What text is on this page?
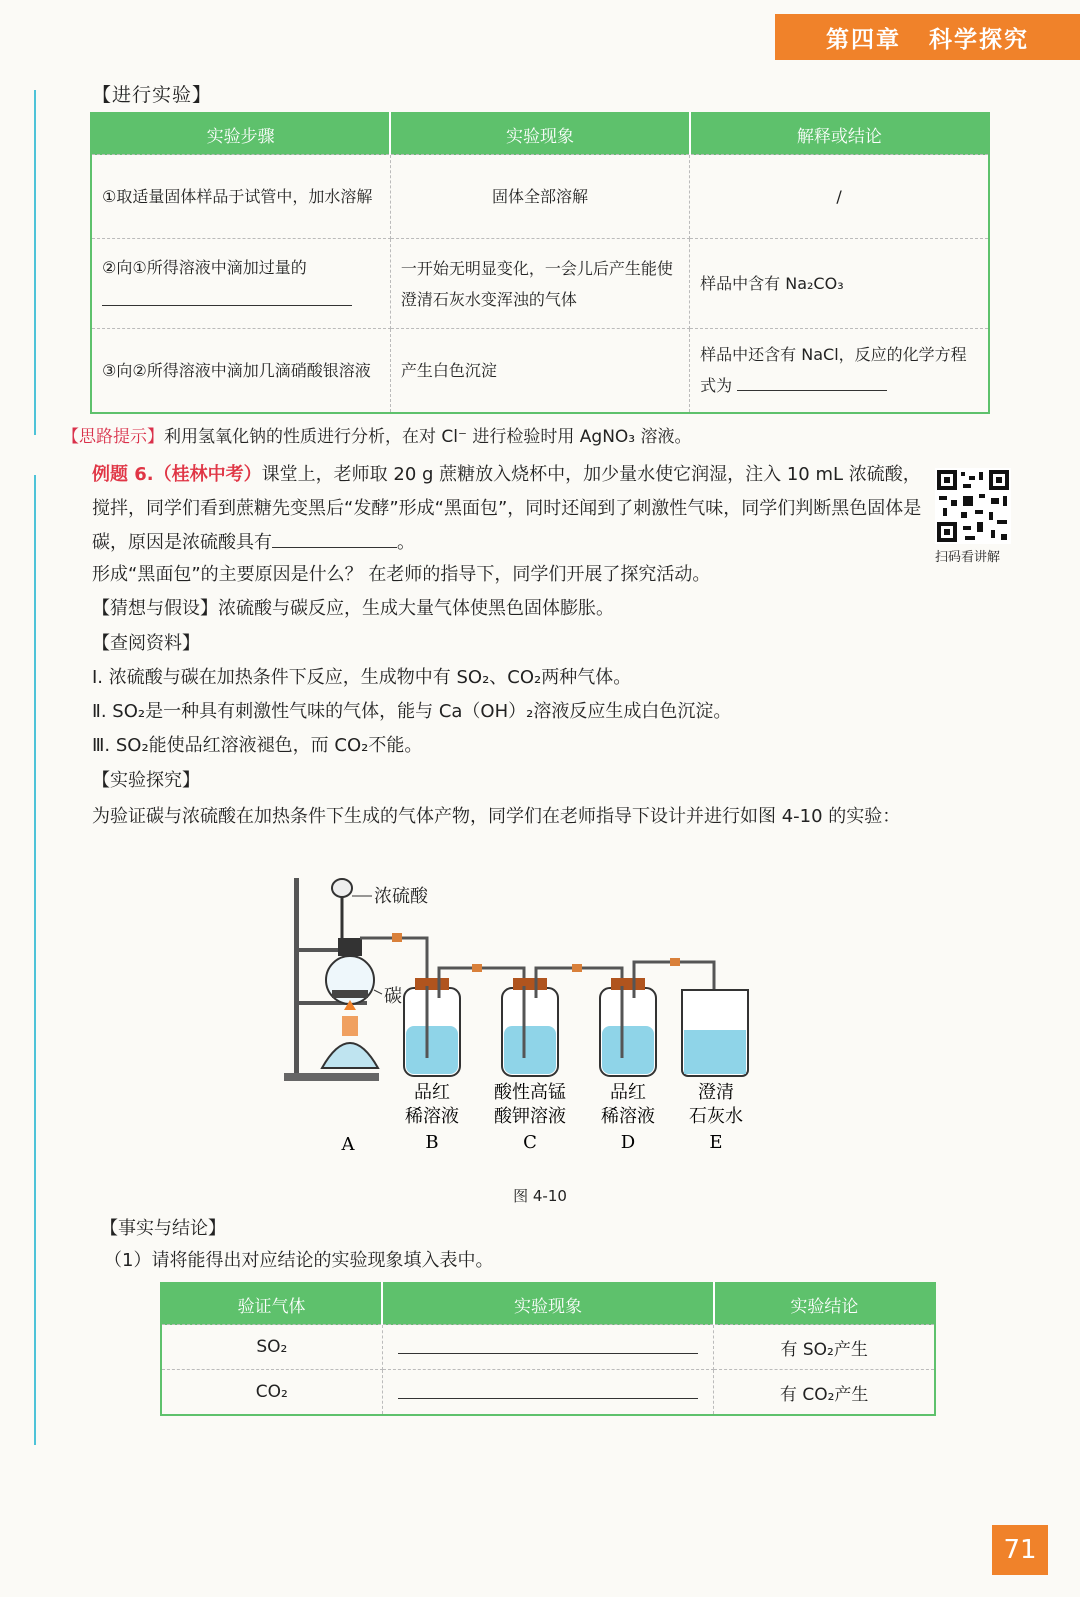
第四章 科学探究
【 进行实验 】
实验步骤	实验现象	解释或结论
①取适量固体样品于试管中，加水溶解	固体全部溶解	/
②向①所得溶液中滴加过量的	一开始无明显变化，一会儿后产生能使澄清石灰水变浑浊的气体	样品中含有 Na₂CO₃
③向②所得溶液中滴加几滴硝酸银溶液	产生白色沉淀	样品中还含有 NaCl，反应的化学方程式为
【思路提示】利用氢氧化钠的性质进行分析，在对 Cl⁻ 进行检验时用 AgNO₃ 溶液。
例题 6.（桂林中考）课堂上，老师取 20 g 蔗糖放入烧杯中，加少量水使它润湿，注入 10 mL 浓硫酸，搅拌，同学们看到蔗糖先变黑后“发酵”形成“黑面包”，同时还闻到了刺激性气味，同学们判断黑色固体是碳，原因是浓硫酸具有	。
扫码看讲解
形成“黑面包”的主要原因是什么？ 在老师的指导下，同学们开展了探究活动。
【 猜想与假设 】 浓硫酸与碳反应，生成大量气体使黑色固体膨胀。
【 查阅资料 】
Ⅰ. 浓硫酸与碳在加热条件下反应，生成物中有 SO₂、CO₂两种气体。
Ⅱ. SO₂是一种具有刺激性气味的气体，能与 Ca（OH）₂溶液反应生成白色沉淀。
Ⅲ. SO₂能使品红溶液褪色，而 CO₂不能。
【 实验探究 】
为验证碳与浓硫酸在加热条件下生成的气体产物，同学们在老师指导下设计并进行如图 4-10 的实验：
浓硫酸
碳
品红
稀溶液
酸性高锰
酸钾溶液
品红
稀溶液
澄清
石灰水
A	B	C	D	E
图 4-10
【 事实与结论 】
（1）请将能得出对应结论的实验现象填入表中。
验证气体	实验现象	实验结论
SO₂		有 SO₂产生
CO₂		有 CO₂产生
71
